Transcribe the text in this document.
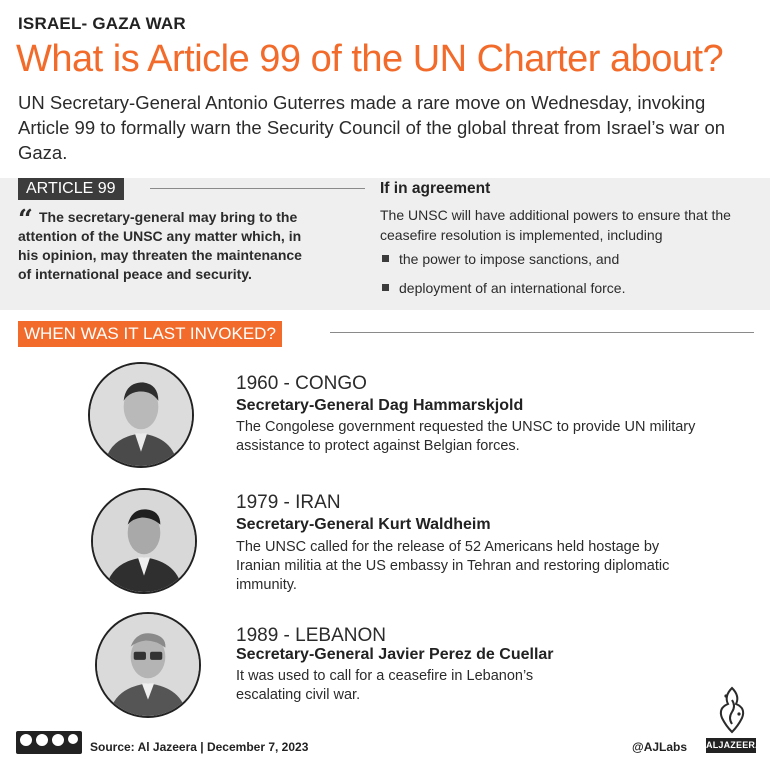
ISRAEL- GAZA WAR
What is Article 99 of the UN Charter about?
UN Secretary-General Antonio Guterres made a rare move on Wednesday, invoking Article 99 to formally warn the Security Council of the global threat from Israel’s war on Gaza.
ARTICLE 99
“ The secretary-general may bring to the attention of the UNSC any matter which, in his opinion, may threaten the maintenance of international peace and security.
If in agreement
The UNSC will have additional powers to ensure that the ceasefire resolution is implemented, including
the power to impose sanctions, and
deployment of an international force.
WHEN WAS IT LAST INVOKED?
1960 - CONGO
Secretary-General Dag Hammarskjold
The Congolese government requested the UNSC to provide UN military assistance to protect against Belgian forces.
1979 - IRAN
Secretary-General Kurt Waldheim
The UNSC called for the release of 52 Americans held hostage by Iranian militia at the US embassy in Tehran and restoring diplomatic immunity.
1989 - LEBANON
Secretary-General Javier Perez de Cuellar
It was used to call for a ceasefire in Lebanon’s escalating civil war.
Source: Al Jazeera | December 7, 2023	@AJLabs ALJAZEERA
